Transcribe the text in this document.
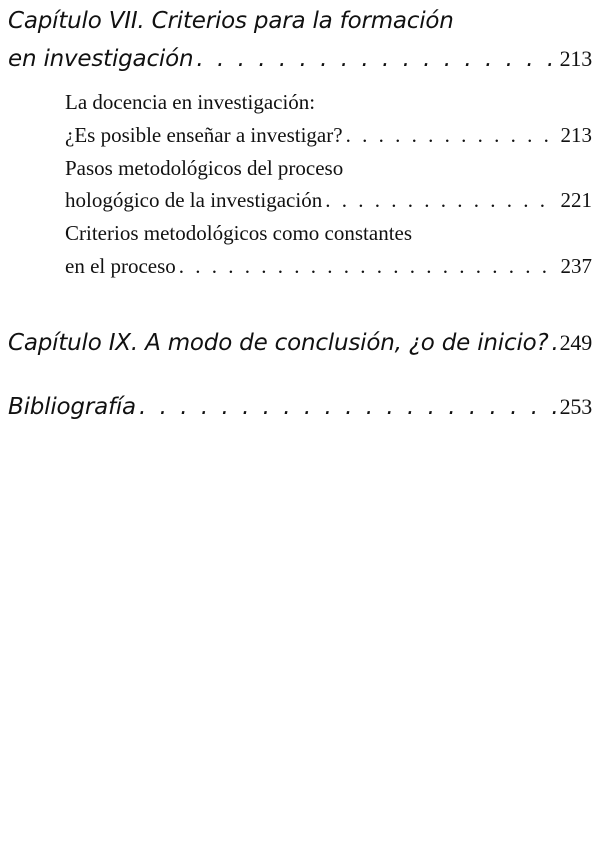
Capítulo VII. Criterios para la formación
en investigación . . .	213
La docencia en investigación:
¿Es posible enseñar a investigar? . . .	213
Pasos metodológicos del proceso
hologógico de la investigación . . .	221
Criterios metodológicos como constantes
en el proceso . . .	237
Capítulo IX. A modo de conclusión, ¿o de inicio? . . . 249
Bibliografía . . .	253
